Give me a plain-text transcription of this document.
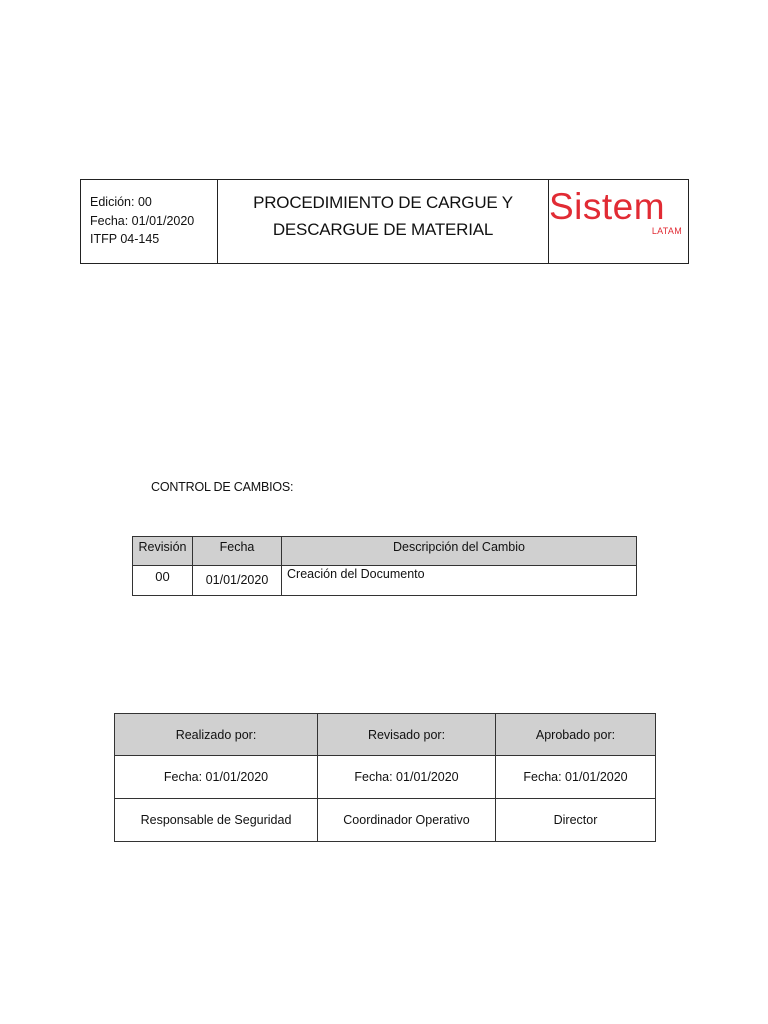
Edición: 00
Fecha: 01/01/2020
ITFP 04-145
PROCEDIMIENTO DE CARGUE Y
DESCARGUE DE MATERIAL
Sistem
LATAM
CONTROL DE CAMBIOS:
Revisión	Fecha	Descripción del Cambio
00	01/01/2020	Creación del Documento
Realizado por:	Revisado por:	Aprobado por:
Fecha: 01/01/2020	Fecha: 01/01/2020	Fecha: 01/01/2020
Responsable de Seguridad	Coordinador Operativo	Director
